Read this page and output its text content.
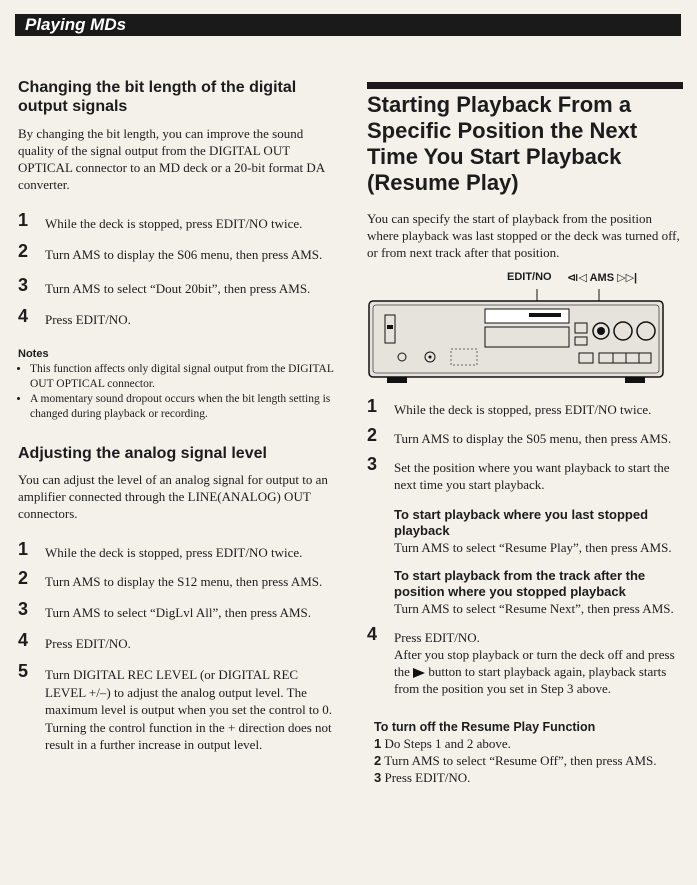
Playing MDs
Changing the bit length of the digital output signals

By changing the bit length, you can improve the sound quality of the signal output from the DIGITAL OUT OPTICAL connector to an MD deck or a 20-bit format DA converter.

1 While the deck is stopped, press EDIT/NO twice.
2 Turn AMS to display the S06 menu, then press AMS.
3 Turn AMS to select “Dout 20bit”, then press AMS.
4 Press EDIT/NO.
Notes
• This function affects only digital signal output from the DIGITAL OUT OPTICAL connector.
• A momentary sound dropout occurs when the bit length setting is changed during playback or recording.
Adjusting the analog signal level

You can adjust the level of an analog signal for output to an amplifier connected through the LINE(ANALOG) OUT connectors.

1 While the deck is stopped, press EDIT/NO twice.
2 Turn AMS to display the S12 menu, then press AMS.
3 Turn AMS to select “DigLvl All”, then press AMS.
4 Press EDIT/NO.
5 Turn DIGITAL REC LEVEL (or DIGITAL REC LEVEL +/–) to adjust the analog output level. The maximum level is output when you set the control to 0. Turning the control function in the + direction does not result in a further increase in output level.
Starting Playback From a Specific Position the Next Time You Start Playback (Resume Play)

You can specify the start of playback from the position where playback was last stopped or the deck was turned off, or from next track after that position.

EDIT/NO ⧏◁ AMS ▷▷|
1 While the deck is stopped, press EDIT/NO twice.
2 Turn AMS to display the S05 menu, then press AMS.
3 Set the position where you want playback to start the next time you start playback.
To start playback where you last stopped playback

Turn AMS to select “Resume Play”, then press AMS.

To start playback from the track after the position where you stopped playback

Turn AMS to select “Resume Next”, then press AMS.

4 Press EDIT/NO.
After you stop playback or turn the deck off and press the button to start playback again, playback starts from the position you set in Step 3 above.
To turn off the Resume Play Function
1 Do Steps 1 and 2 above.
2 Turn AMS to select “Resume Off”, then press AMS.
3 Press EDIT/NO.
